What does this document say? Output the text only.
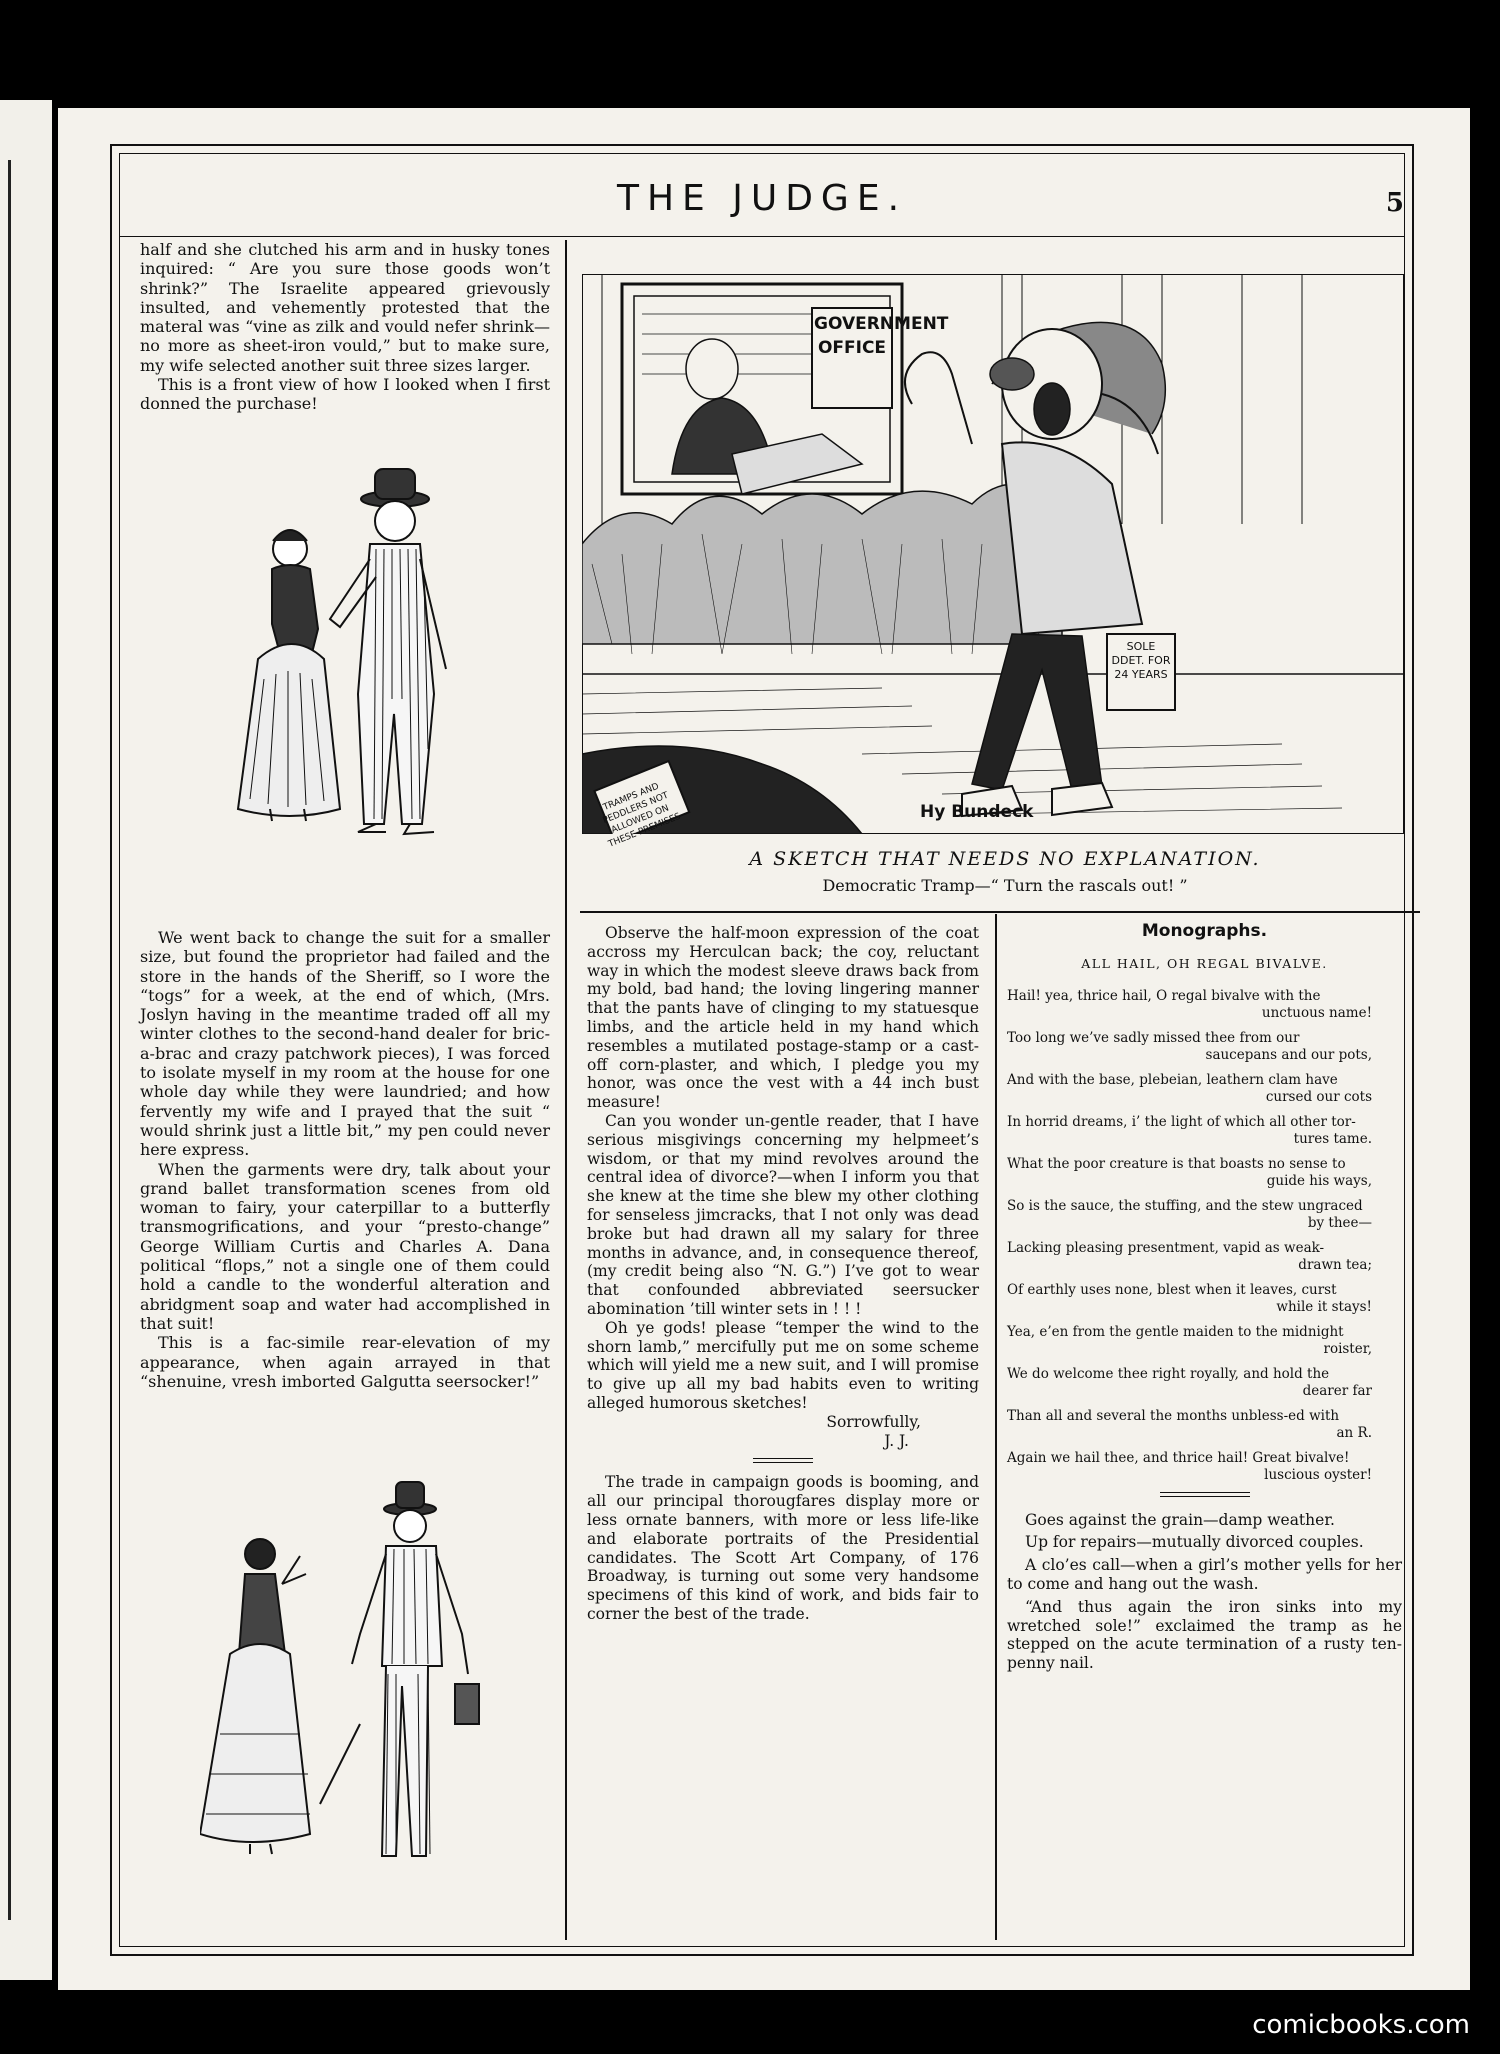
THE JUDGE.	5

half and she clutched his arm and in husky tones inquired: “ Are you sure those goods won’t shrink?” The Israelite appeared grievously insulted, and vehemently protested that the materal was “vine as zilk and vould nefer shrink—no more as sheet-iron vould,” but to make sure, my wife selected another suit three sizes larger.

This is a front view of how I looked when I first donned the purchase!

We went back to change the suit for a smaller size, but found the proprietor had failed and the store in the hands of the Sheriff, so I wore the “togs” for a week, at the end of which, (Mrs. Joslyn having in the meantime traded off all my winter clothes to the second-hand dealer for bric-a-brac and crazy patchwork pieces), I was forced to isolate myself in my room at the house for one whole day while they were laundried; and how fervently my wife and I prayed that the suit “ would shrink just a little bit,” my pen could never here express.

When the garments were dry, talk about your grand ballet transformation scenes from old woman to fairy, your caterpillar to a butterfly transmogrifications, and your “presto-change” George William Curtis and Charles A. Dana political “flops,” not a single one of them could hold a candle to the wonderful alteration and abridgment soap and water had accomplished in that suit!

This is a fac-simile rear-elevation of my appearance, when again arrayed in that “shenuine, vresh imborted Galgutta seersocker!”

GOVERNMENT OFFICE
TRAMPS AND PEDDLERS NOT ALLOWED ON THESE PREMISES
SOLE DDET. FOR 24 YEARS
Hy Bundeck
A SKETCH THAT NEEDS NO EXPLANATION.
Democratic Tramp—“ Turn the rascals out! ”

Observe the half-moon expression of the coat accross my Herculcan back; the coy, reluctant way in which the modest sleeve draws back from my bold, bad hand; the loving lingering manner that the pants have of clinging to my statuesque limbs, and the article held in my hand which resembles a mutilated postage-stamp or a cast-off corn-plaster, and which, I pledge you my honor, was once the vest with a 44 inch bust measure!

Can you wonder un-gentle reader, that I have serious misgivings concerning my helpmeet’s wisdom, or that my mind revolves around the central idea of divorce?—when I inform you that she knew at the time she blew my other clothing for senseless jimcracks, that I not only was dead broke but had drawn all my salary for three months in advance, and, in consequence thereof, (my credit being also “N. G.”) I’ve got to wear that confounded abbreviated seersucker abomination ’till winter sets in ! ! !

Oh ye gods! please “temper the wind to the shorn lamb,” mercifully put me on some scheme which will yield me a new suit, and I will promise to give up all my bad habits even to writing alleged humorous sketches!

Sorrowfully,

J. J.

The trade in campaign goods is booming, and all our principal thorougfares display more or less ornate banners, with more or less life-like and elaborate portraits of the Presidential candidates. The Scott Art Company, of 176 Broadway, is turning out some very handsome specimens of this kind of work, and bids fair to corner the best of the trade.

Monographs.
ALL HAIL, OH REGAL BIVALVE.
Hail! yea, thrice hail, O regal bivalve with the
unctuous name!
Too long we’ve sadly missed thee from our
saucepans and our pots,
And with the base, plebeian, leathern clam have
cursed our cots
In horrid dreams, i’ the light of which all other tor-
tures tame.
What the poor creature is that boasts no sense to
guide his ways,
So is the sauce, the stuffing, and the stew ungraced
by thee—
Lacking pleasing presentment, vapid as weak-
drawn tea;
Of earthly uses none, blest when it leaves, curst
while it stays!
Yea, e’en from the gentle maiden to the midnight
roister,
We do welcome thee right royally, and hold the
dearer far
Than all and several the months unbless-ed with
an R.
Again we hail thee, and thrice hail! Great bivalve!
luscious oyster!

Goes against the grain—damp weather.

Up for repairs—mutually divorced couples.

A clo’es call—when a girl’s mother yells for her to come and hang out the wash.

“And thus again the iron sinks into my wretched sole!” exclaimed the tramp as he stepped on the acute termination of a rusty ten-penny nail.

comicbooks.com
